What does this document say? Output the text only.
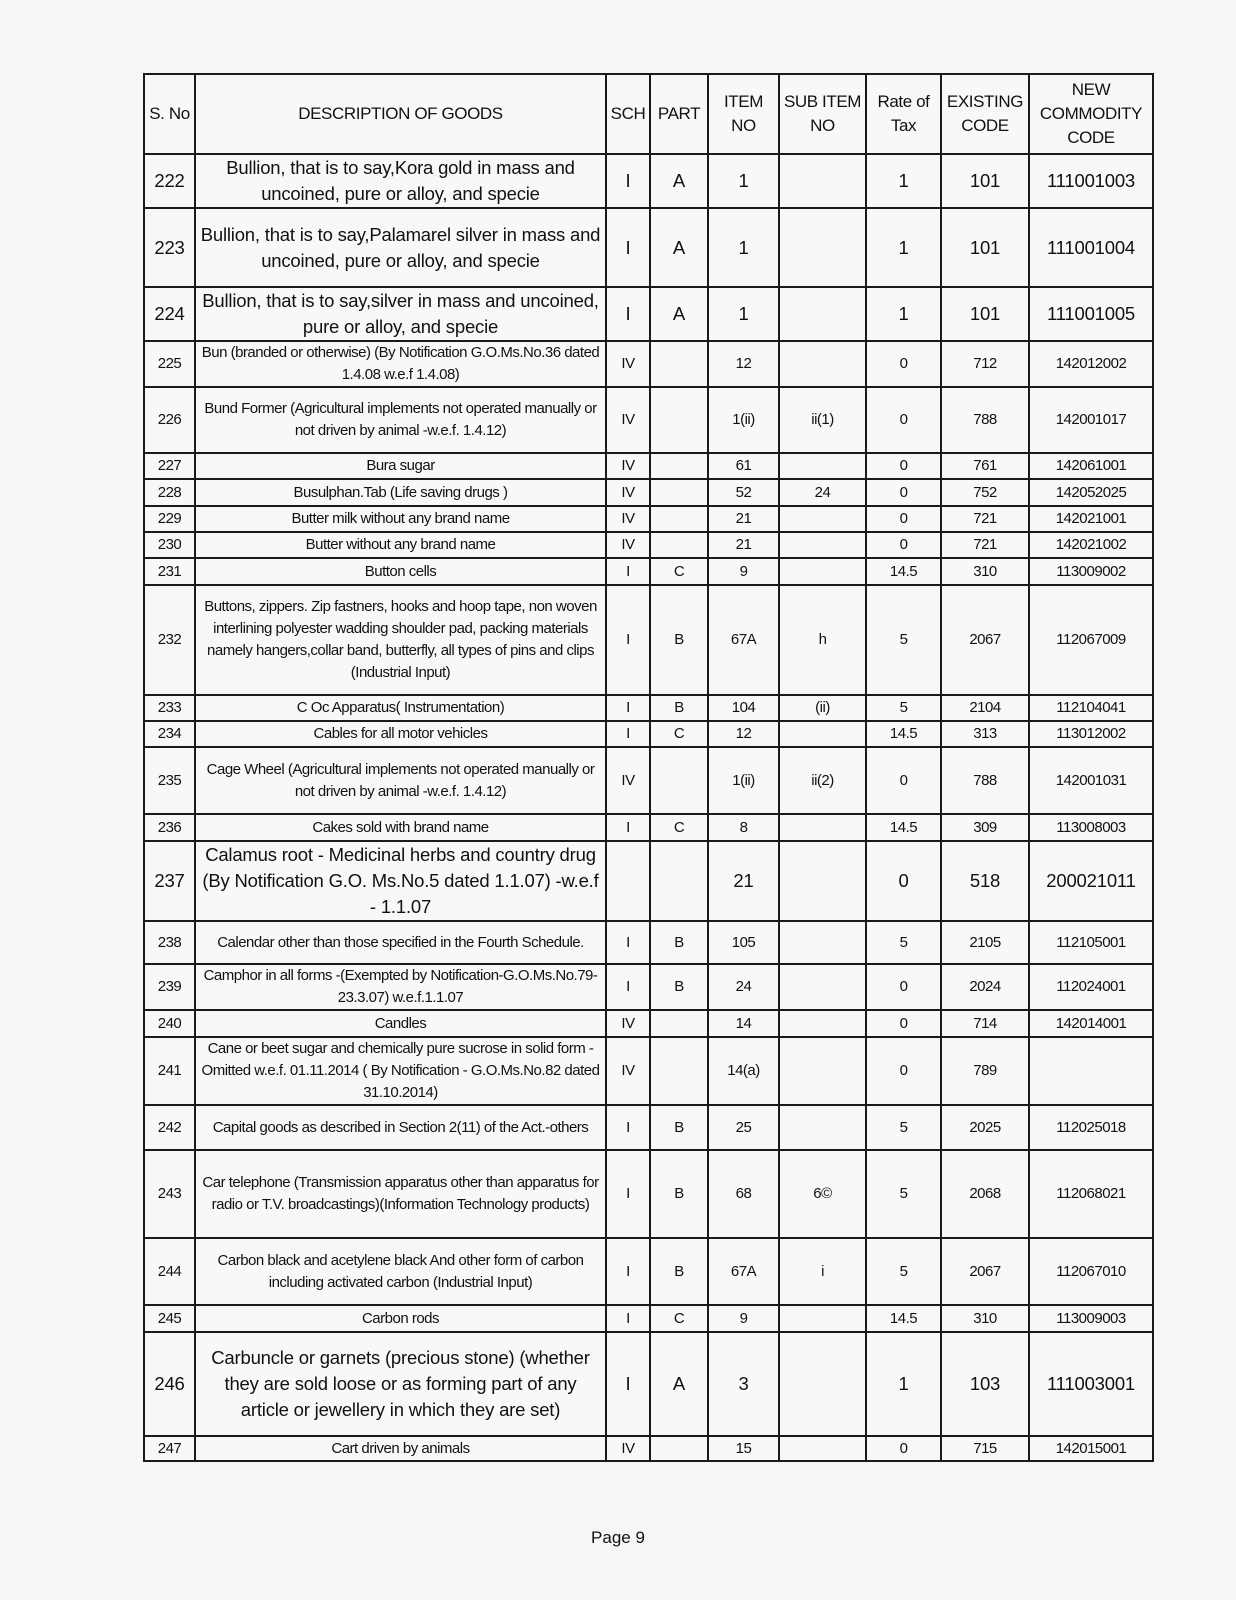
S. No	DESCRIPTION OF GOODS	SCH	PART	ITEM NO	SUB ITEM NO	Rate of Tax	EXISTING CODE	NEW COMMODITY CODE
222	Bullion, that is to say,Kora gold in mass and uncoined, pure or alloy, and specie	I	A	1		1	101	111001003
223	Bullion, that is to say,Palamarel silver in mass and uncoined, pure or alloy, and specie	I	A	1		1	101	111001004
224	Bullion, that is to say,silver in mass and uncoined, pure or alloy, and specie	I	A	1		1	101	111001005
225	Bun (branded or otherwise) (By Notification G.O.Ms.No.36 dated 1.4.08 w.e.f 1.4.08)	IV		12		0	712	142012002
226	Bund Former (Agricultural implements not operated manually or not driven by animal -w.e.f. 1.4.12)	IV		1(ii)	ii(1)	0	788	142001017
227	Bura sugar	IV		61		0	761	142061001
228	Busulphan.Tab (Life saving drugs )	IV		52	24	0	752	142052025
229	Butter milk without any brand name	IV		21		0	721	142021001
230	Butter without any brand name	IV		21		0	721	142021002
231	Button cells	I	C	9		14.5	310	113009002
232	Buttons, zippers. Zip fastners, hooks and hoop tape, non woven interlining polyester wadding shoulder pad, packing materials namely hangers,collar band, butterfly, all types of pins and clips (Industrial Input)	I	B	67A	h	5	2067	112067009
233	C Oc Apparatus( Instrumentation)	I	B	104	(ii)	5	2104	112104041
234	Cables for all motor vehicles	I	C	12		14.5	313	113012002
235	Cage Wheel (Agricultural implements not operated manually or not driven by animal -w.e.f. 1.4.12)	IV		1(ii)	ii(2)	0	788	142001031
236	Cakes sold with brand name	I	C	8		14.5	309	113008003
237	Calamus root - Medicinal herbs and country drug (By Notification G.O. Ms.No.5 dated 1.1.07) -w.e.f - 1.1.07			21		0	518	200021011
238	Calendar other than those specified in the Fourth Schedule.	I	B	105		5	2105	112105001
239	Camphor in all forms -(Exempted by Notification-G.O.Ms.No.79-23.3.07) w.e.f.1.1.07	I	B	24		0	2024	112024001
240	Candles	IV		14		0	714	142014001
241	Cane or beet sugar and chemically pure sucrose in solid form - Omitted w.e.f. 01.11.2014 ( By Notification - G.O.Ms.No.82 dated 31.10.2014)	IV		14(a)		0	789	
242	Capital goods as described in Section 2(11) of the Act.-others	I	B	25		5	2025	112025018
243	Car telephone (Transmission apparatus other than apparatus for radio or T.V. broadcastings)(Information Technology products)	I	B	68	6©	5	2068	112068021
244	Carbon black and acetylene black And other form of carbon including activated carbon (Industrial Input)	I	B	67A	i	5	2067	112067010
245	Carbon rods	I	C	9		14.5	310	113009003
246	Carbuncle or garnets (precious stone) (whether they are sold loose or as forming part of any article or jewellery in which they are set)	I	A	3		1	103	111003001
247	Cart driven by animals	IV		15		0	715	142015001
Page 9
